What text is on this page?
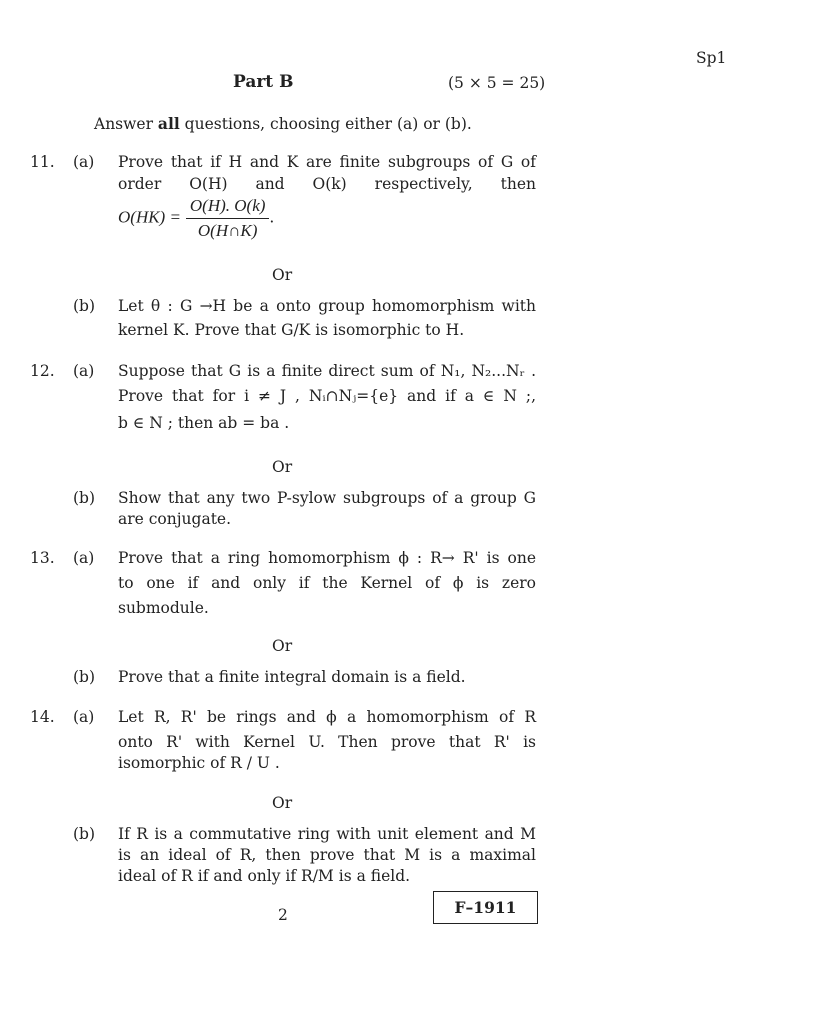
Sp1
Part B	(5 × 5 = 25)
Answer all questions, choosing either (a) or (b).
11. (a) Prove that if H and K are finite subgroups of G of
order O(H) and O(k) respectively, then
$O(HK) = \frac{O(H). O(k)}{O(H\cap K)}$ .
Or
(b) Let θ : G →H be a onto group homomorphism with
kernel K. Prove that G/K is isomorphic to H.
12. (a) Suppose that G is a finite direct sum of N₁, N₂...Nᵣ .
Prove that for i ≠ J , Nᵢ∩Nⱼ={e} and if a ∈ N ;,
b ∈ N ; then ab = ba .
Or
(b) Show that any two P-sylow subgroups of a group G
are conjugate.
13. (a) Prove that a ring homomorphism ϕ : R→ R' is one
to one if and only if the Kernel of ϕ is zero
submodule.
Or
(b) Prove that a finite integral domain is a field.
14. (a) Let R, R' be rings and ϕ a homomorphism of R
onto R' with Kernel U. Then prove that R' is
isomorphic of R / U .
Or
(b) If R is a commutative ring with unit element and M
is an ideal of R, then prove that M is a maximal
ideal of R if and only if R/M is a field.
2	F–1911
